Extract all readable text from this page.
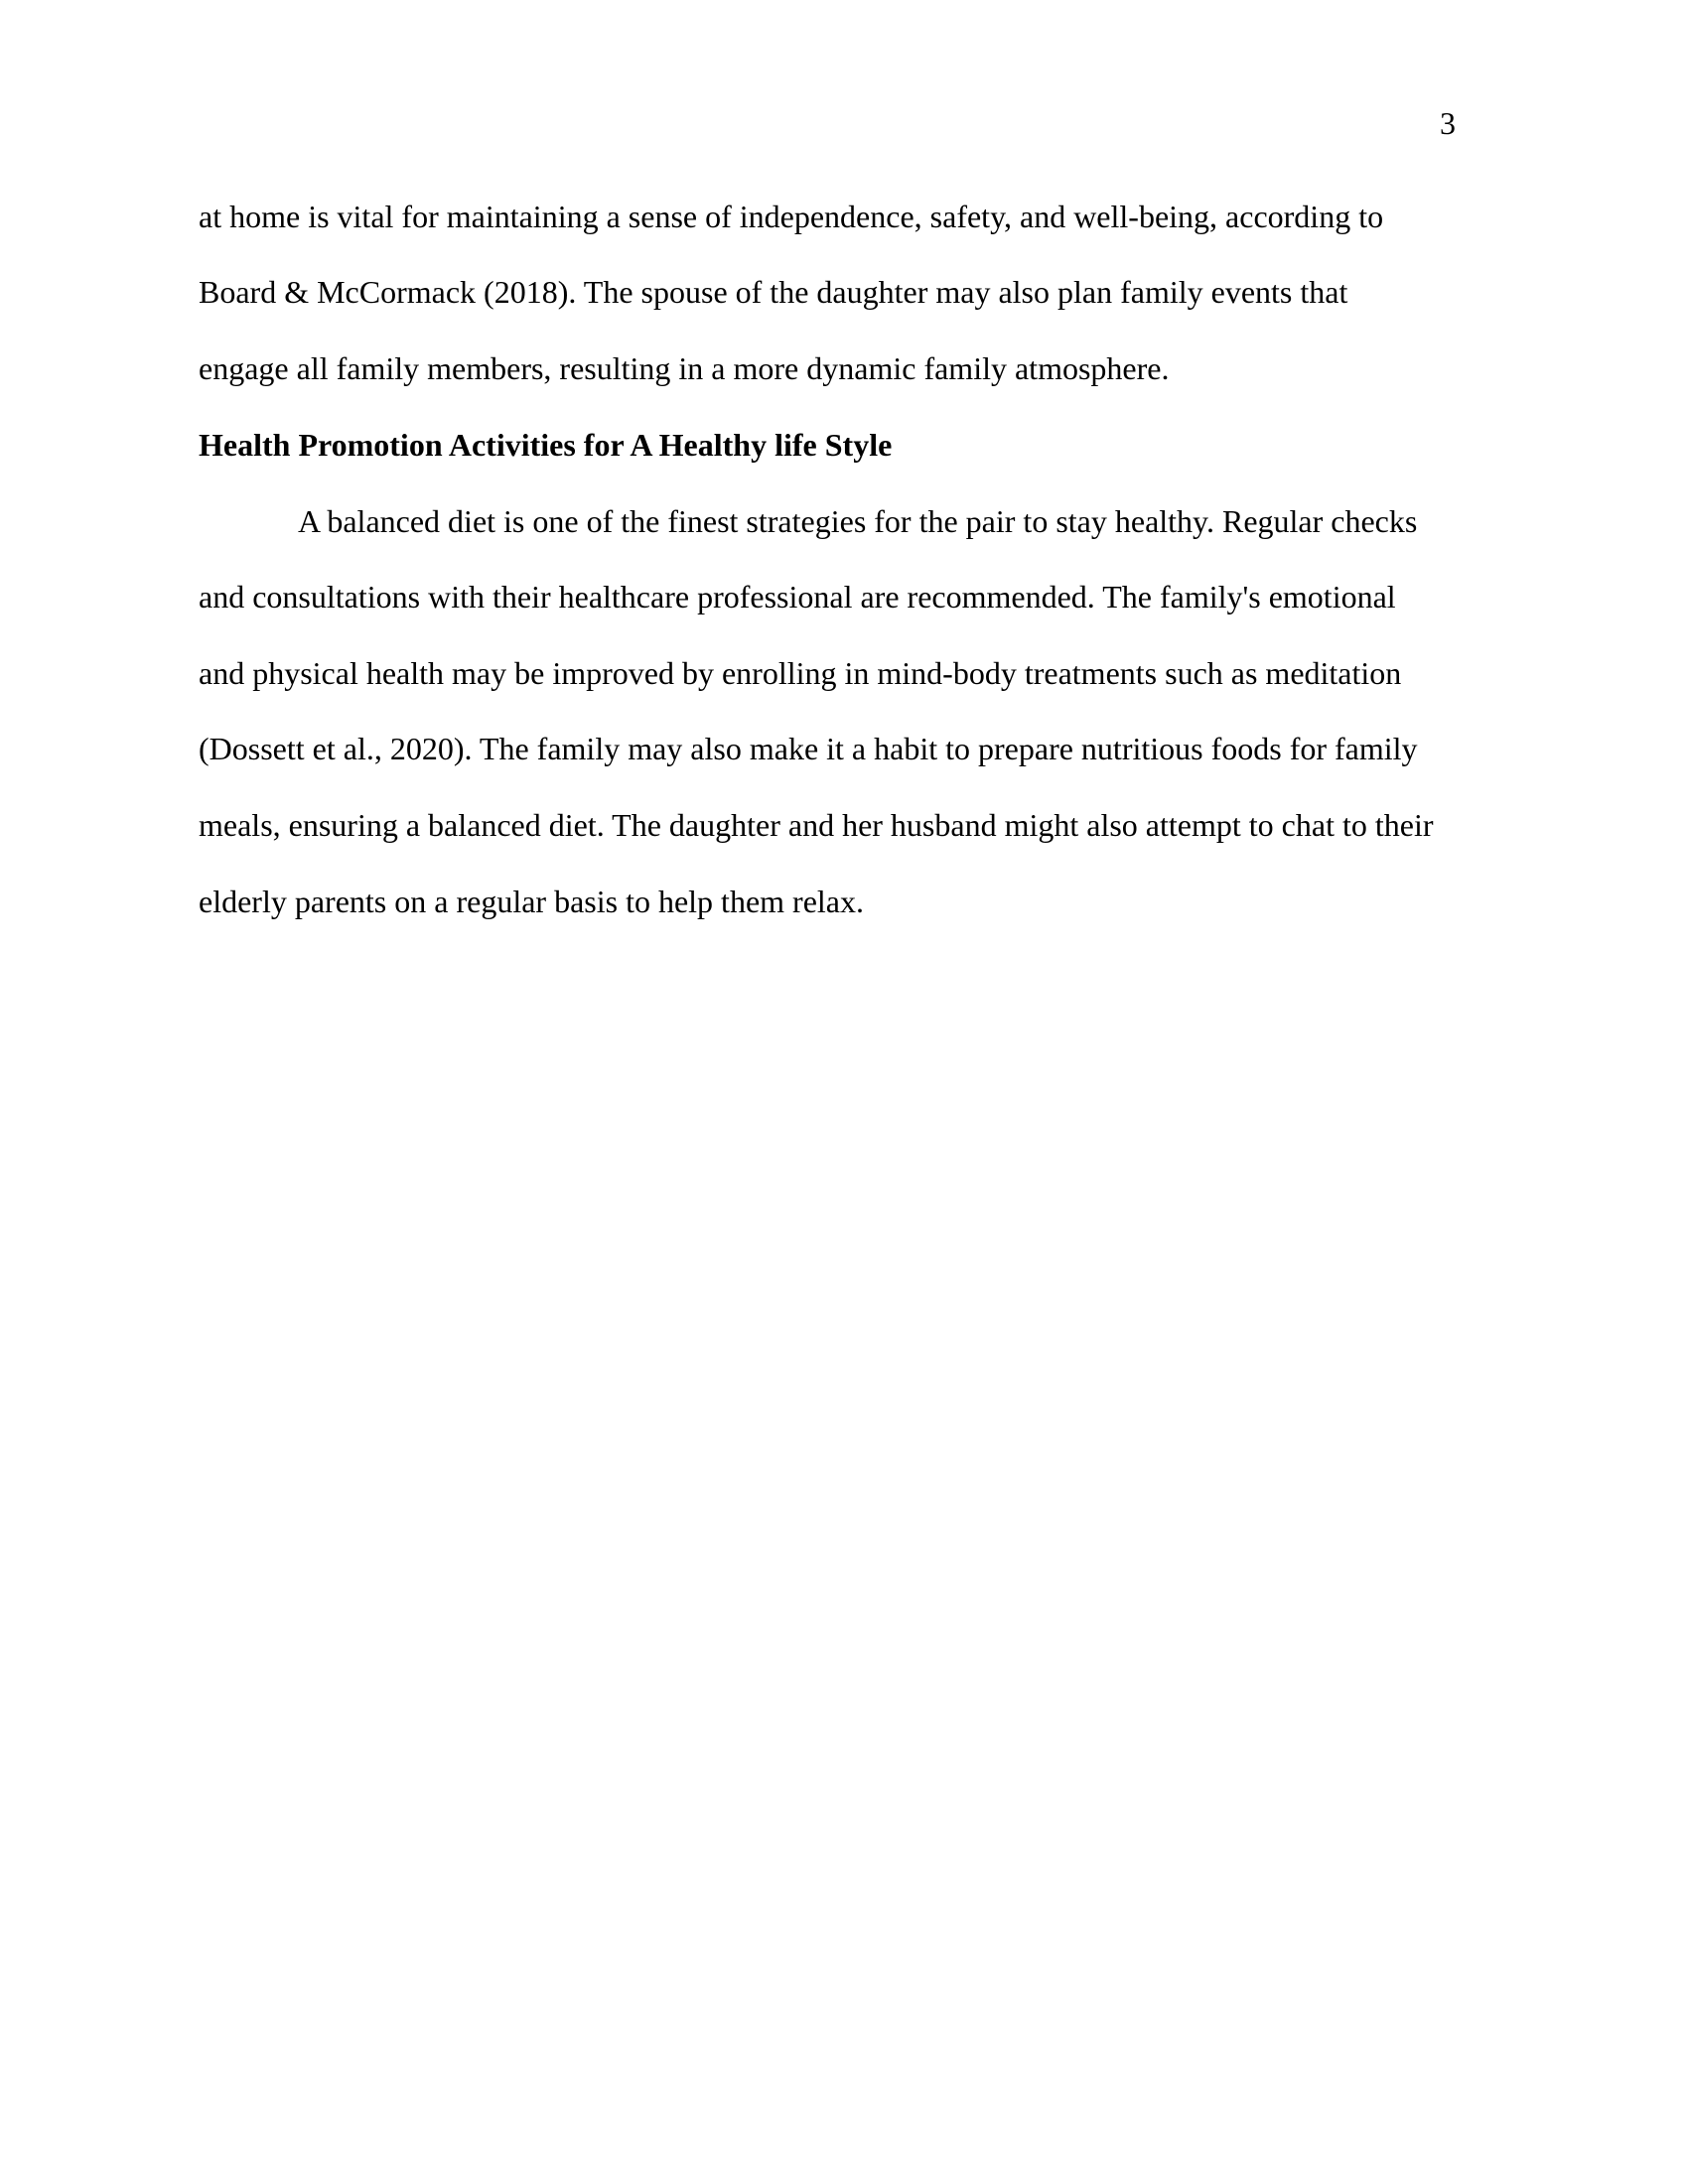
3
at home is vital for maintaining a sense of independence, safety, and well-being, according to
Board & McCormack (2018). The spouse of the daughter may also plan family events that
engage all family members, resulting in a more dynamic family atmosphere.
Health Promotion Activities for A Healthy life Style
A balanced diet is one of the finest strategies for the pair to stay healthy. Regular checks
and consultations with their healthcare professional are recommended. The family's emotional
and physical health may be improved by enrolling in mind-body treatments such as meditation
(Dossett et al., 2020). The family may also make it a habit to prepare nutritious foods for family
meals, ensuring a balanced diet. The daughter and her husband might also attempt to chat to their
elderly parents on a regular basis to help them relax.
